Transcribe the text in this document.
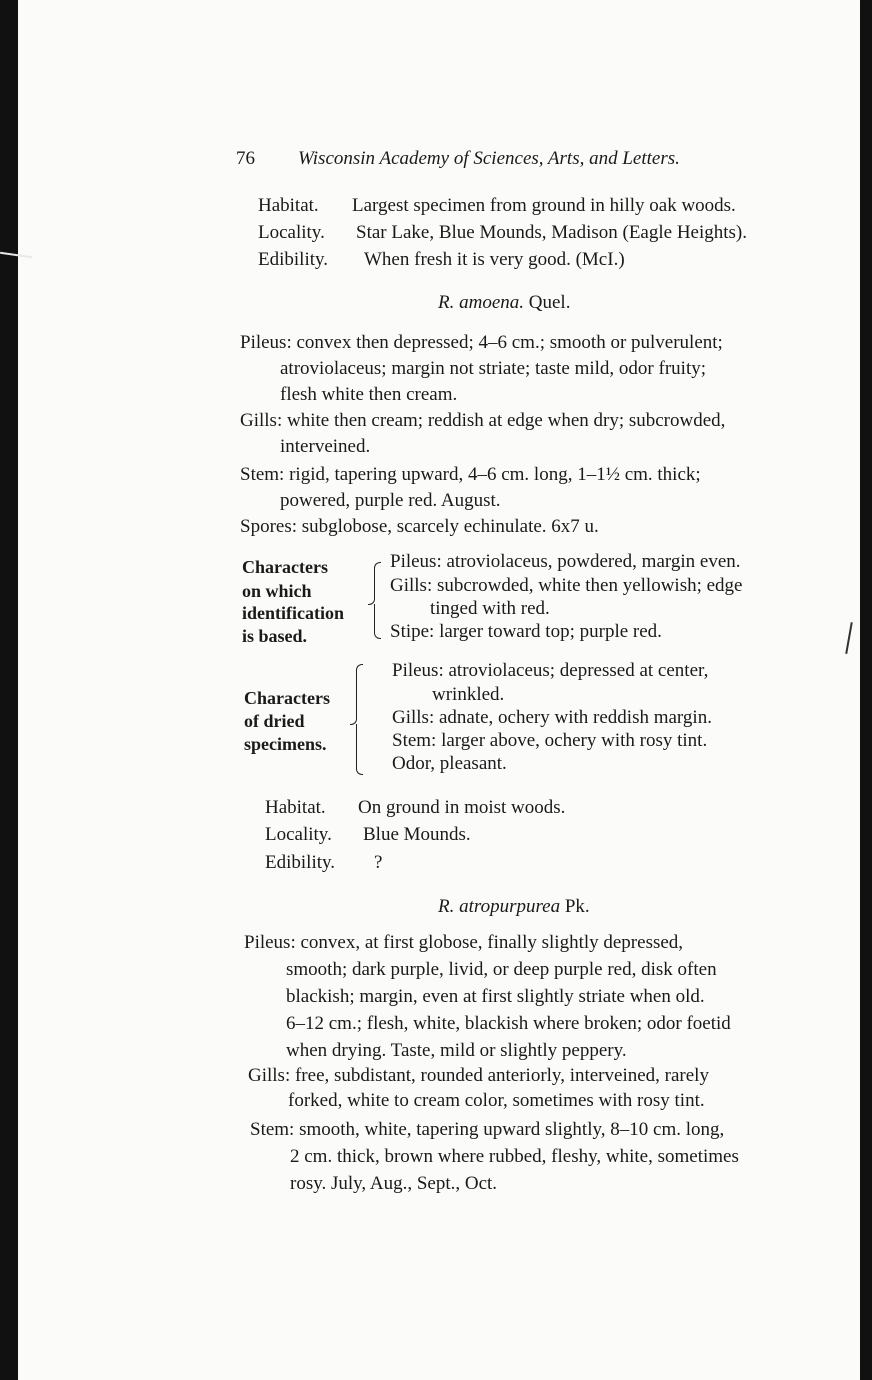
76 Wisconsin Academy of Sciences, Arts, and Letters.
Habitat. Largest specimen from ground in hilly oak woods.
Locality. Star Lake, Blue Mounds, Madison (Eagle Heights).
Edibility. When fresh it is very good. (McI.)
R. amoena. Quel.
Pileus: convex then depressed; 4–6 cm.; smooth or pulverulent;
atroviolaceus; margin not striate; taste mild, odor fruity;
flesh white then cream.
Gills: white then cream; reddish at edge when dry; subcrowded,
interveined.
Stem: rigid, tapering upward, 4–6 cm. long, 1–1½ cm. thick;
powered, purple red. August.
Spores: subglobose, scarcely echinulate. 6x7 u.
Characters
on which
identification
is based.
Pileus: atroviolaceus, powdered, margin even.
Gills: subcrowded, white then yellowish; edge
tinged with red.
Stipe: larger toward top; purple red.
Characters
of dried
specimens.
Pileus: atroviolaceus; depressed at center,
wrinkled.
Gills: adnate, ochery with reddish margin.
Stem: larger above, ochery with rosy tint.
Odor, pleasant.
Habitat. On ground in moist woods.
Locality. Blue Mounds.
Edibility. ?
R. atropurpurea Pk.
Pileus: convex, at first globose, finally slightly depressed,
smooth; dark purple, livid, or deep purple red, disk often
blackish; margin, even at first slightly striate when old.
6–12 cm.; flesh, white, blackish where broken; odor foetid
when drying. Taste, mild or slightly peppery.
Gills: free, subdistant, rounded anteriorly, interveined, rarely
forked, white to cream color, sometimes with rosy tint.
Stem: smooth, white, tapering upward slightly, 8–10 cm. long,
2 cm. thick, brown where rubbed, fleshy, white, sometimes
rosy. July, Aug., Sept., Oct.
